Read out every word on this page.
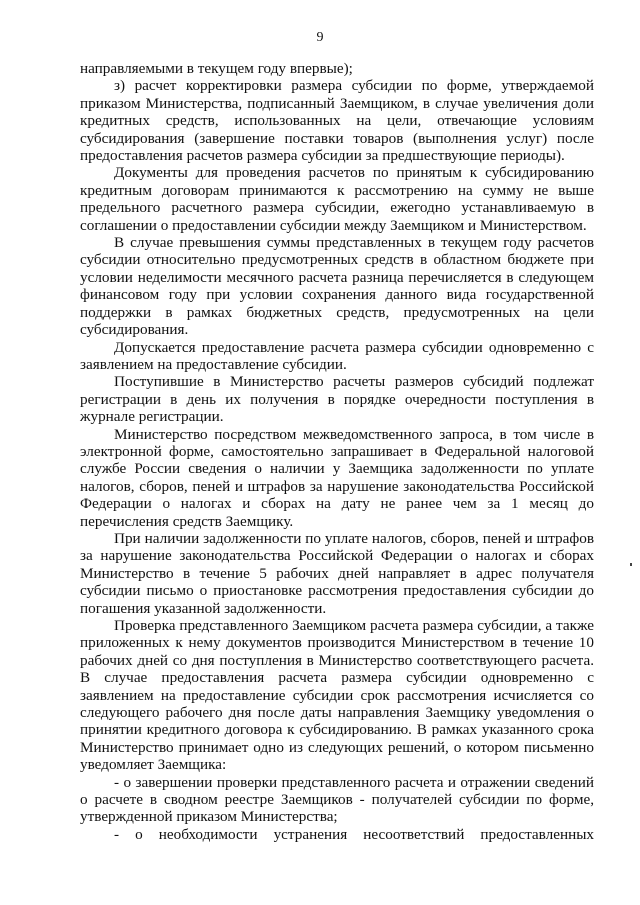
9

направляемыми в текущем году впервые);

з) расчет корректировки размера субсидии по форме, утверждаемой приказом Министерства, подписанный Заемщиком, в случае увеличения доли кредитных средств, использованных на цели, отвечающие условиям субсидирования (завершение поставки товаров (выполнения услуг) после предоставления расчетов размера субсидии за предшествующие периоды).

Документы для проведения расчетов по принятым к субсидированию кредитным договорам принимаются к рассмотрению на сумму не выше предельного расчетного размера субсидии, ежегодно устанавливаемую в соглашении о предоставлении субсидии между Заемщиком и Министерством.

В случае превышения суммы представленных в текущем году расчетов субсидии относительно предусмотренных средств в областном бюджете при условии неделимости месячного расчета разница перечисляется в следующем финансовом году при условии сохранения данного вида государственной поддержки в рамках бюджетных средств, предусмотренных на цели субсидирования.

Допускается предоставление расчета размера субсидии одновременно с заявлением на предоставление субсидии.

Поступившие в Министерство расчеты размеров субсидий подлежат регистрации в день их получения в порядке очередности поступления в журнале регистрации.

Министерство посредством межведомственного запроса, в том числе в электронной форме, самостоятельно запрашивает в Федеральной налоговой службе России сведения о наличии у Заемщика задолженности по уплате налогов, сборов, пеней и штрафов за нарушение законодательства Российской Федерации о налогах и сборах на дату не ранее чем за 1 месяц до перечисления средств Заемщику.

При наличии задолженности по уплате налогов, сборов, пеней и штрафов за нарушение законодательства Российской Федерации о налогах и сборах Министерство в течение 5 рабочих дней направляет в адрес получателя субсидии письмо о приостановке рассмотрения предоставления субсидии до погашения указанной задолженности.

Проверка представленного Заемщиком расчета размера субсидии, а также приложенных к нему документов производится Министерством в течение 10 рабочих дней со дня поступления в Министерство соответствующего расчета. В случае предоставления расчета размера субсидии одновременно с заявлением на предоставление субсидии срок рассмотрения исчисляется со следующего рабочего дня после даты направления Заемщику уведомления о принятии кредитного договора к субсидированию. В рамках указанного срока Министерство принимает одно из следующих решений, о котором письменно уведомляет Заемщика:

- о завершении проверки представленного расчета и отражении сведений о расчете в сводном реестре Заемщиков - получателей субсидии по форме, утвержденной приказом Министерства;

- о необходимости устранения несоответствий предоставленных
